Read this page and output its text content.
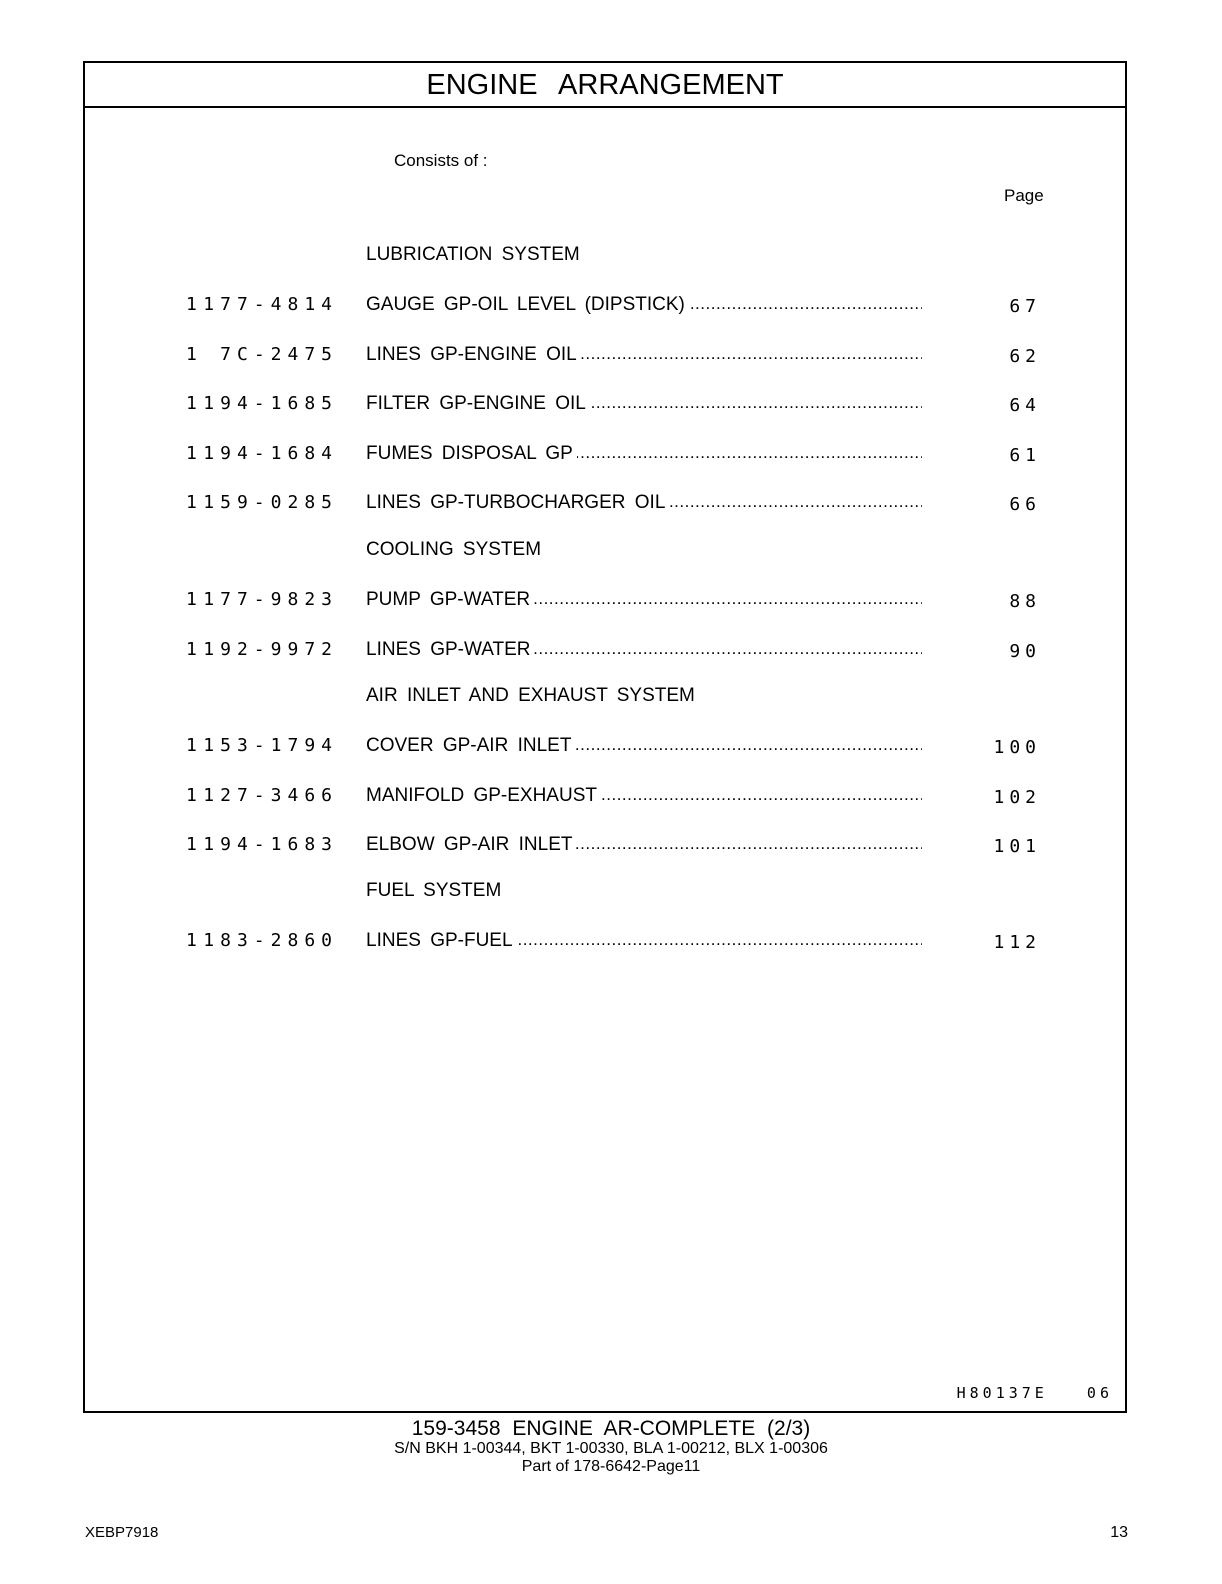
ENGINE ARRANGEMENT
Consists of :
Page
LUBRICATION SYSTEM
1 177-4814 GAUGE GP-OIL LEVEL (DIPSTICK) .....	67
1 7C-2475 LINES GP-ENGINE OIL .....	62
1 194-1685 FILTER GP-ENGINE OIL .....	64
1 194-1684 FUMES DISPOSAL GP .....	61
1 159-0285 LINES GP-TURBOCHARGER OIL .....	66
COOLING SYSTEM
1 177-9823 PUMP GP-WATER .....	88
1 192-9972 LINES GP-WATER .....	90
AIR INLET AND EXHAUST SYSTEM
1 153-1794 COVER GP-AIR INLET .....	100
1 127-3466 MANIFOLD GP-EXHAUST .....	102
1 194-1683 ELBOW GP-AIR INLET .....	101
FUEL SYSTEM
1 183-2860 LINES GP-FUEL .....	112
H80137E   06
159-3458 ENGINE AR-COMPLETE (2/3)
S/N BKH 1-00344, BKT 1-00330, BLA 1-00212, BLX 1-00306
Part of 178-6642-Page11
XEBP7918	13
